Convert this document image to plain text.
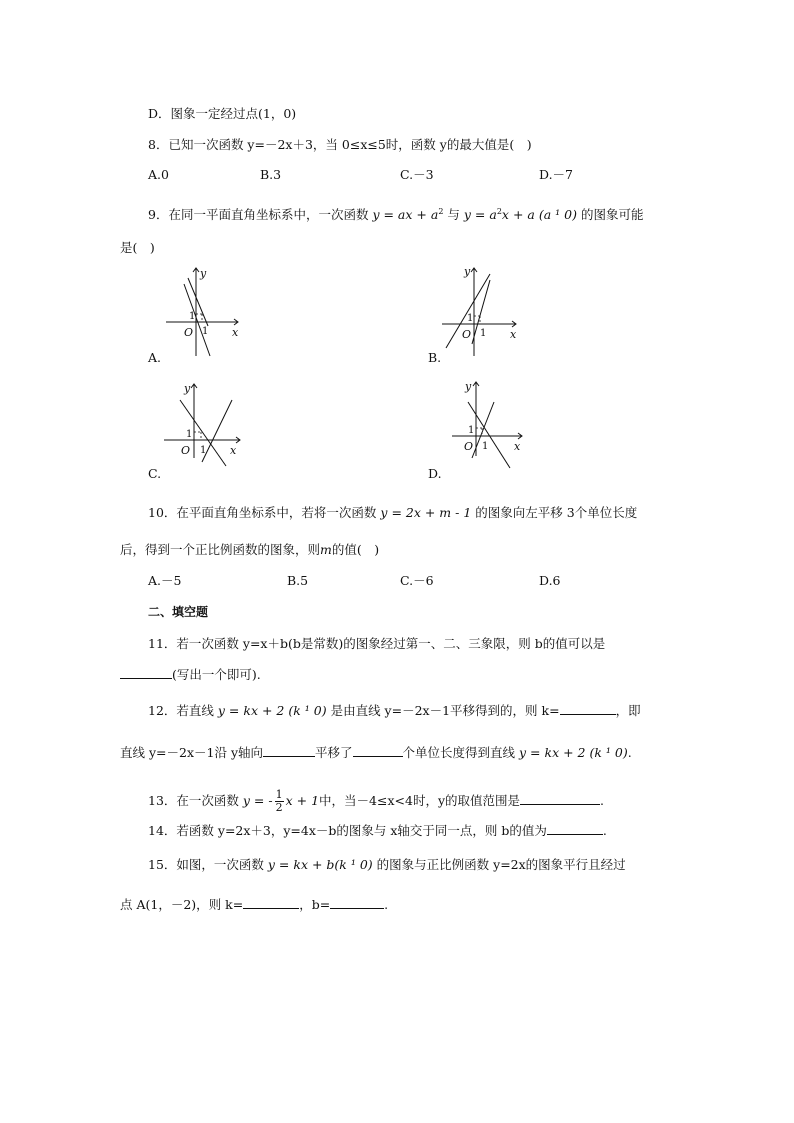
D．图象一定经过点(1，0)
8．已知一次函数 y=－2x＋3，当 0≤x≤5时，函数 y的最大值是(　)
A.0	B.3	C.－3	D.－7
9．在同一平面直角坐标系中，一次函数 y = ax + $a^2$ 与 $y = a^2x + a$ (a ¹ 0) 的图象可能
是(　)
y
x
O
1
1
A.
y
x
O
1
1
B.
y
x
O
1
1
C.
y
x
O
1
1
D.
10．在平面直角坐标系中，若将一次函数 y = 2x + m - 1 的图象向左平移 3个单位长度
后，得到一个正比例函数的图象，则m的值(　)
A.－5	B.5	C.－6	D.6
二、填空题
11．若一次函数 y=x＋b(b是常数)的图象经过第一、二、三象限，则 b的值可以是
(写出一个即可).
12．若直线 y = kx + 2 (k ¹ 0) 是由直线 y=－2x－1平移得到的，则 k=	，即
直线 y=－2x－1沿 y轴向	平移了	个单位长度得到直线 y = kx + 2 (k ¹ 0).
13．在一次函数 y = - $\frac{1}{2}$ x + 1中，当－4≤x<4时，y的取值范围是	.
14．若函数 y=2x＋3，y=4x－b的图象与 x轴交于同一点，则 b的值为	.
15．如图，一次函数 y = kx + b(k ¹ 0) 的图象与正比例函数 y=2x的图象平行且经过
点 A(1，－2)，则 k=	，b=	.
